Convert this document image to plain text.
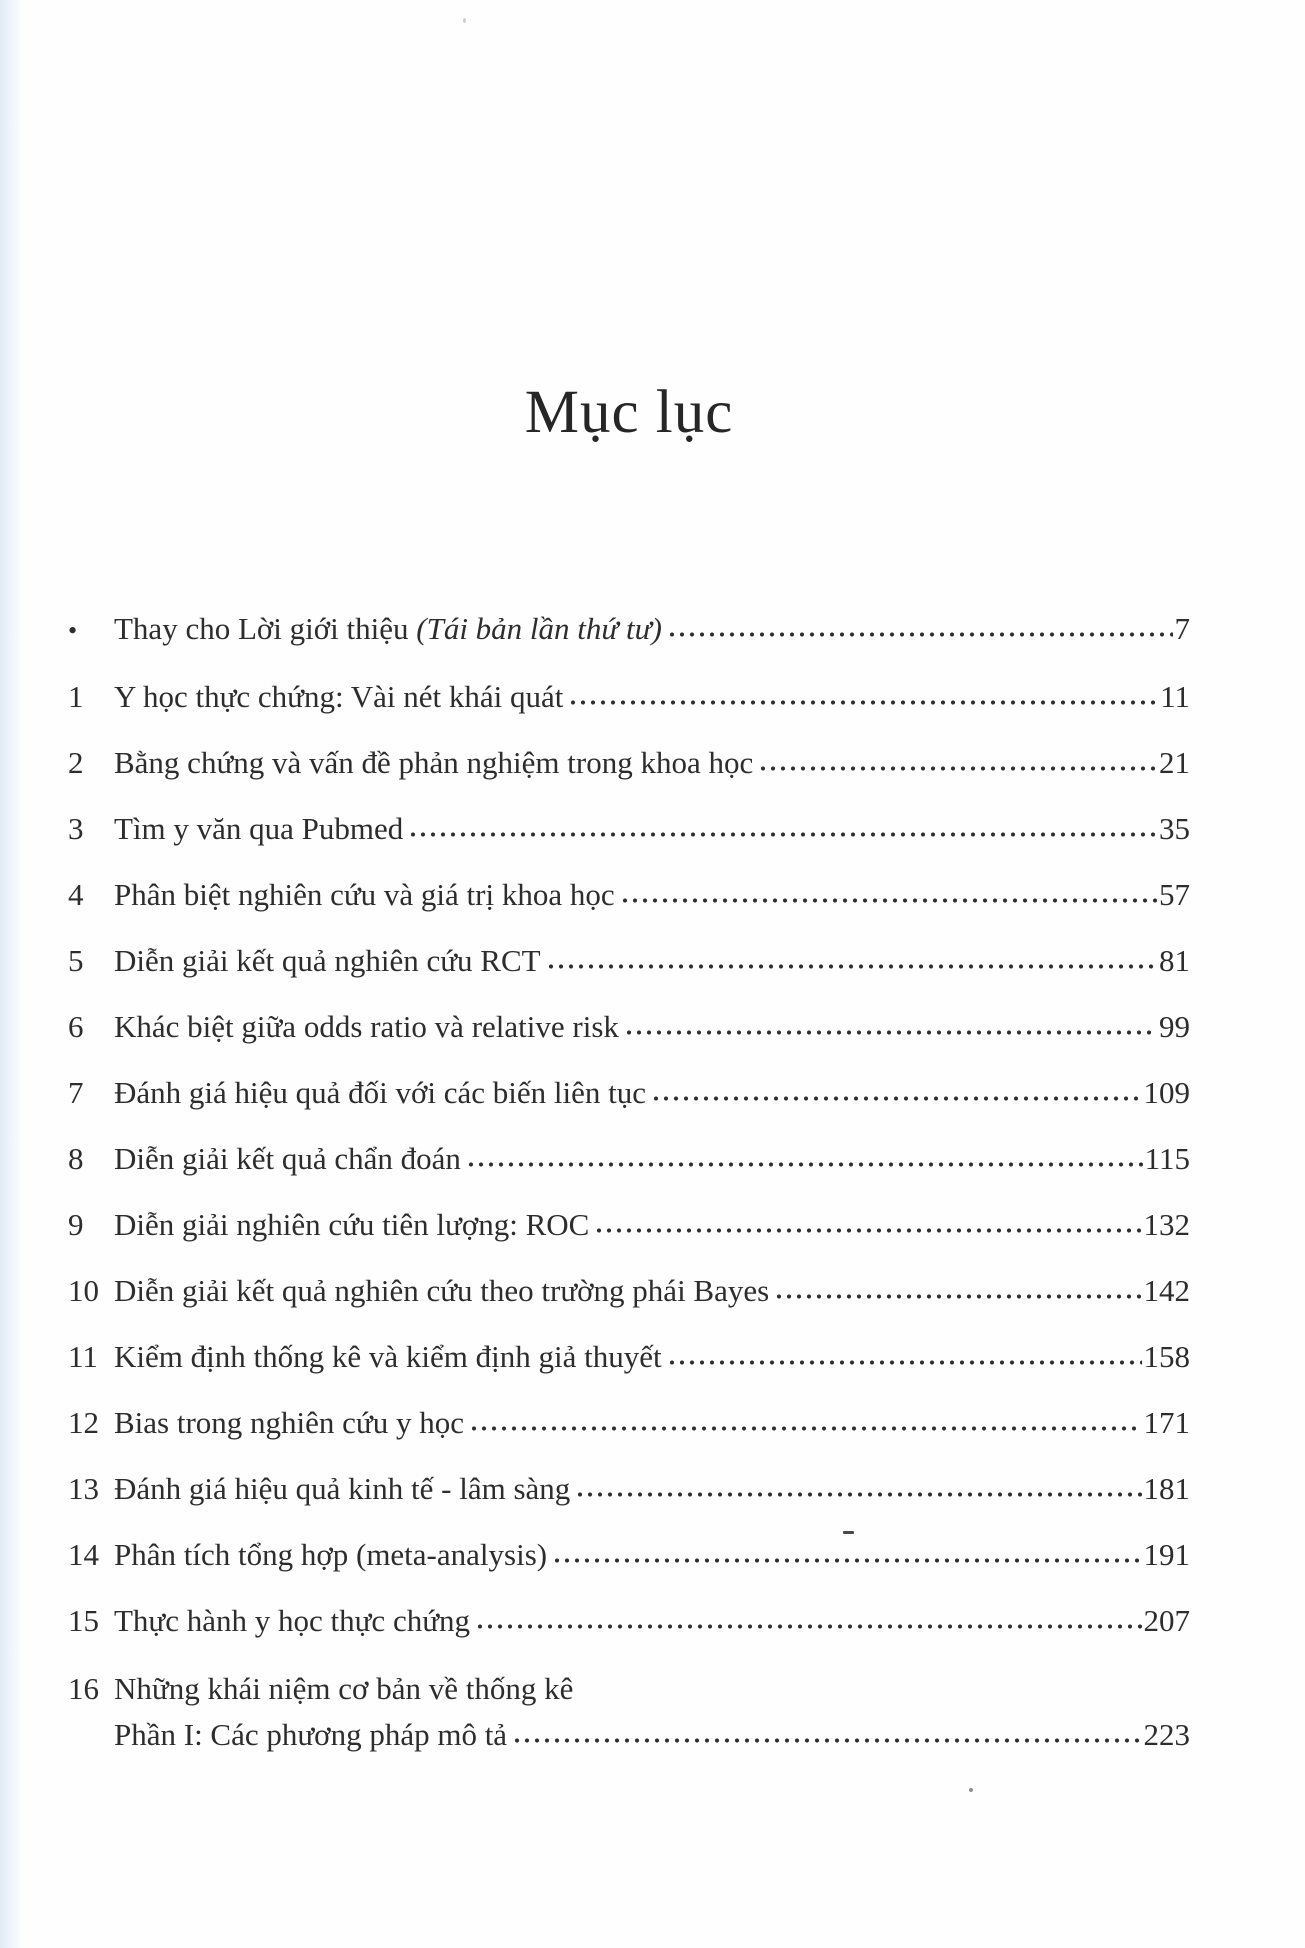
Mục lục
•	Thay cho Lời giới thiệu (Tái bản lần thứ tư)	7
1 Y học thực chứng: Vài nét khái quát	11
2 Bằng chứng và vấn đề phản nghiệm trong khoa học	21
3 Tìm y văn qua Pubmed	35
4 Phân biệt nghiên cứu và giá trị khoa học	57
5 Diễn giải kết quả nghiên cứu RCT	81
6 Khác biệt giữa odds ratio và relative risk	99
7 Đánh giá hiệu quả đối với các biến liên tục	109
8 Diễn giải kết quả chẩn đoán	115
9 Diễn giải nghiên cứu tiên lượng: ROC	132
10 Diễn giải kết quả nghiên cứu theo trường phái Bayes	142
11 Kiểm định thống kê và kiểm định giả thuyết	158
12 Bias trong nghiên cứu y học	171
13 Đánh giá hiệu quả kinh tế - lâm sàng	181
14 Phân tích tổng hợp (meta-analysis)	191
15 Thực hành y học thực chứng	207
16 Những khái niệm cơ bản về thống kê
Phần I: Các phương pháp mô tả	223
